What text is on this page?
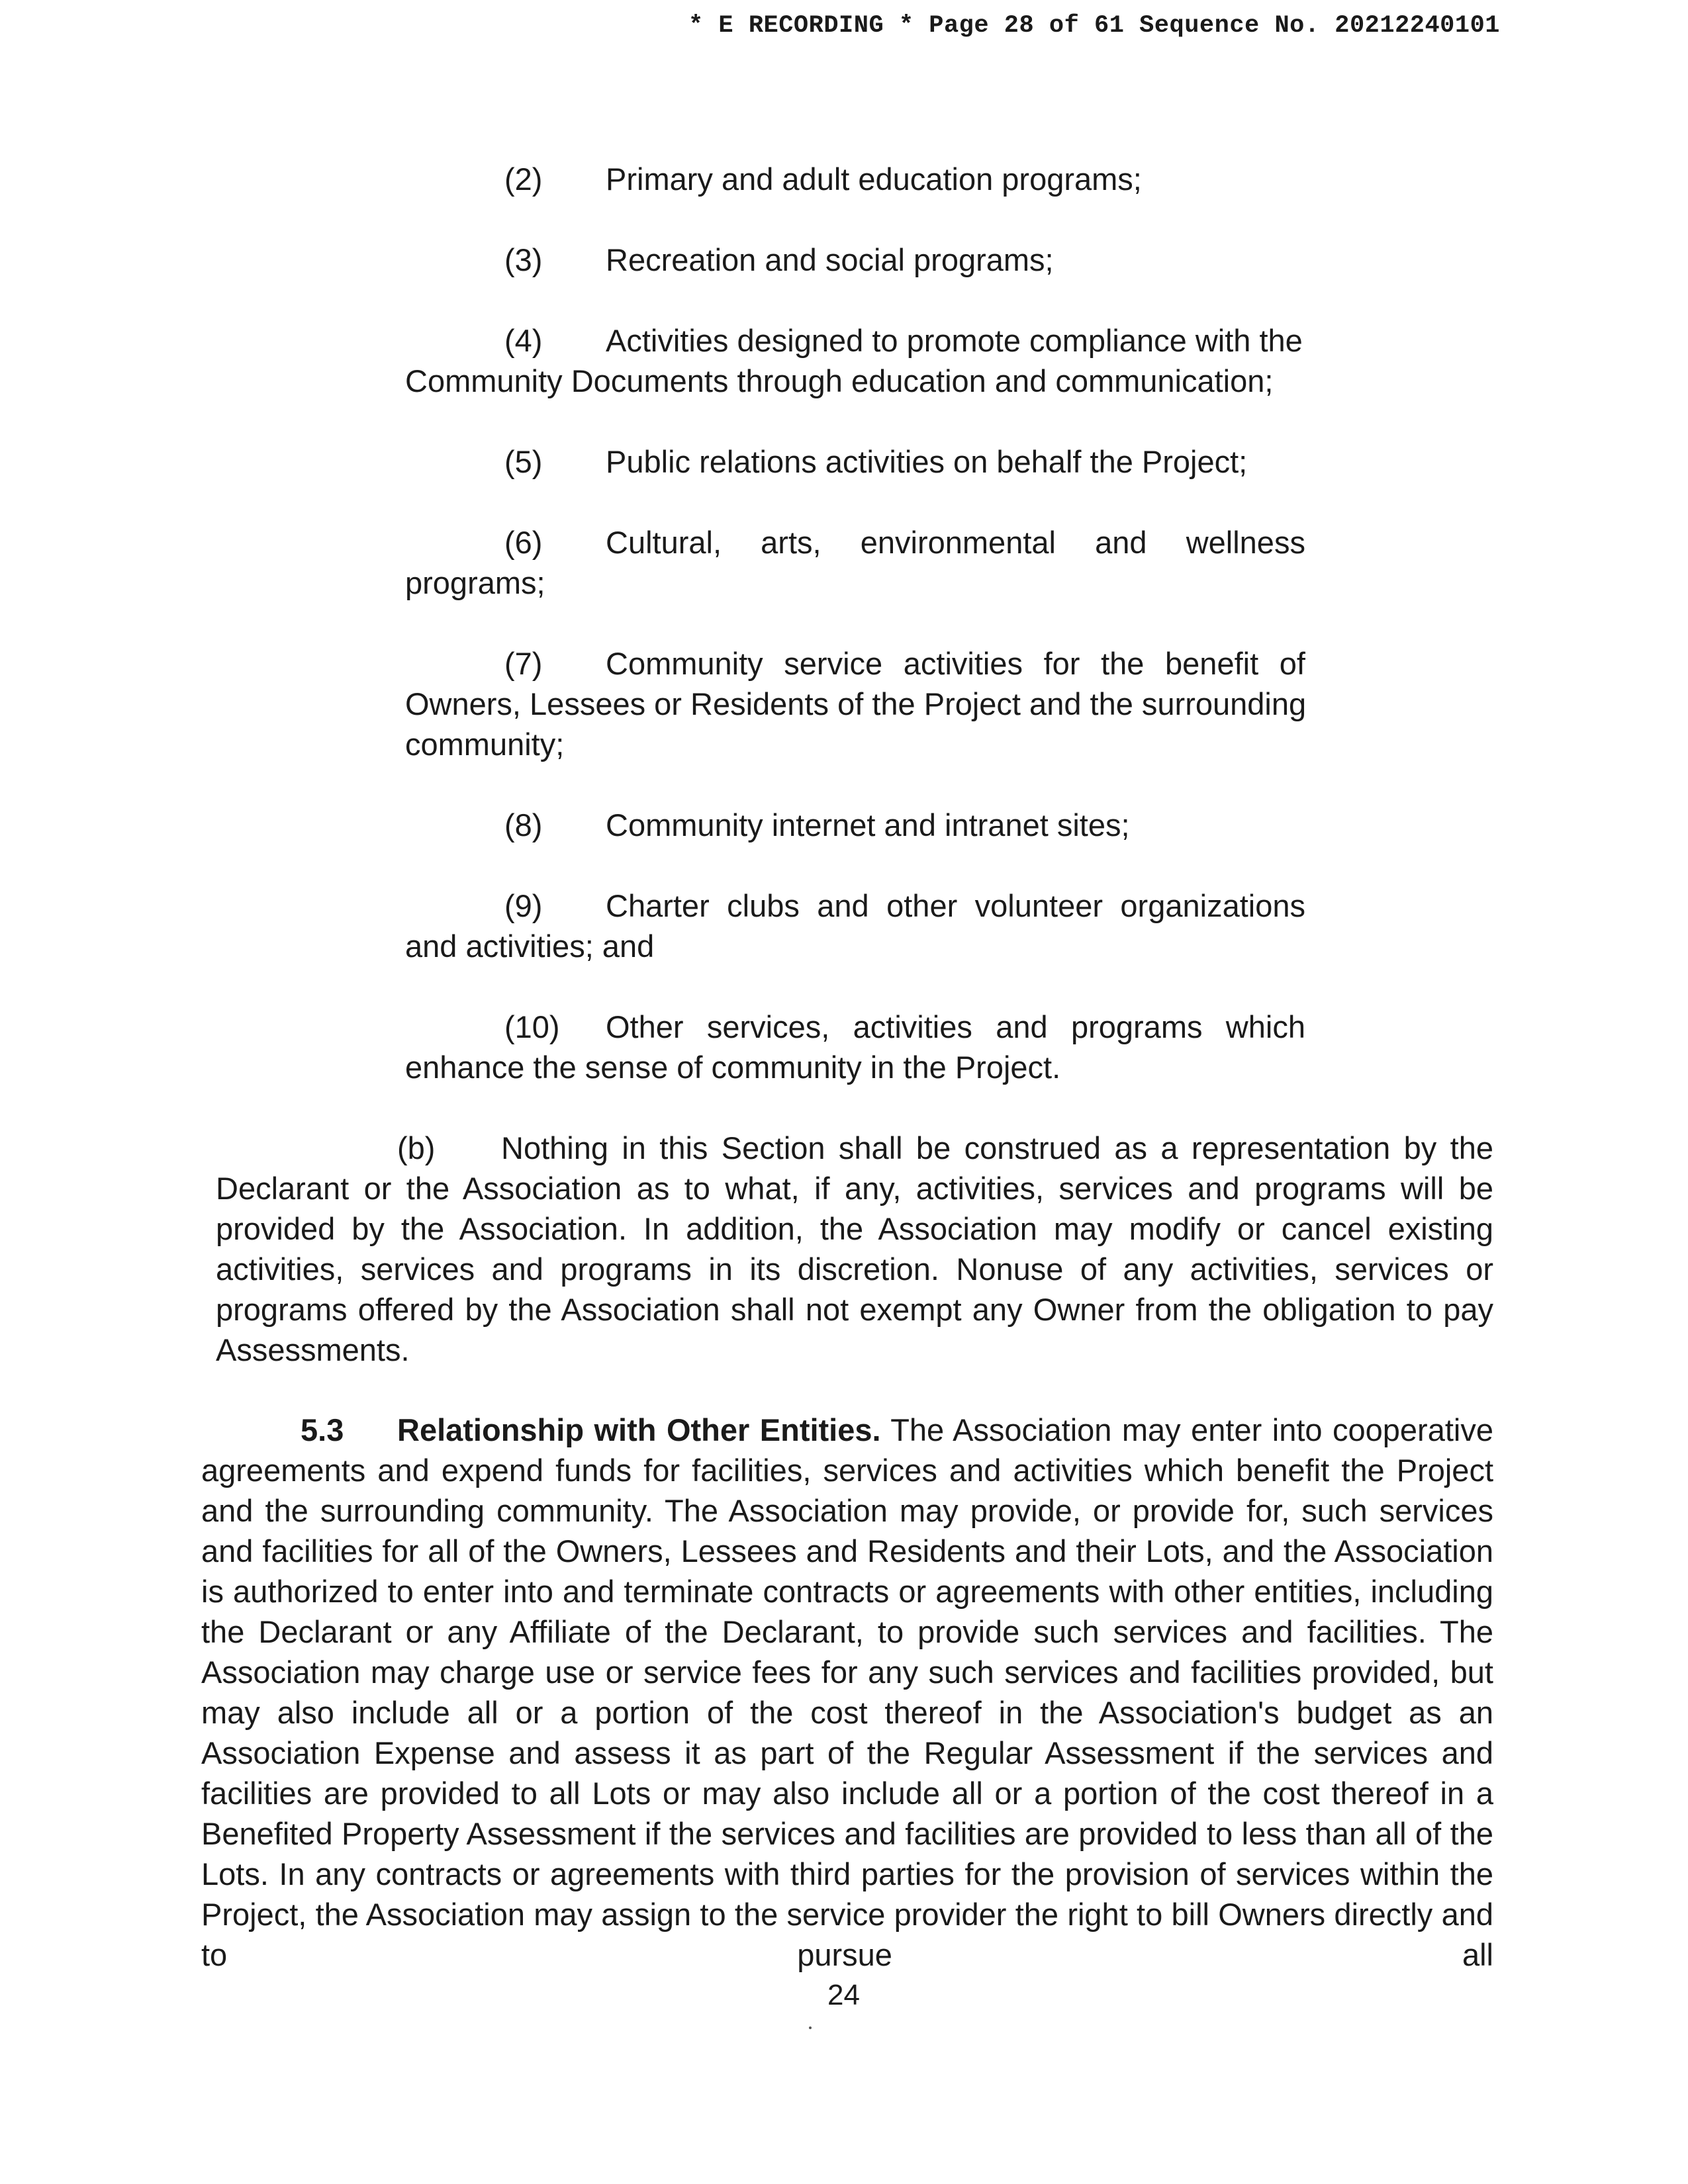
* E RECORDING * Page 28 of 61 Sequence No. 20212240101
(2)	Primary and adult education programs;
(3)	Recreation and social programs;
(4)	Activities designed to promote compliance with the
Community Documents through education and communication;
(5)	Public relations activities on behalf the Project;
(6) Cultural, arts, environmental and wellness
programs;
(7) Community service activities for the benefit of
Owners, Lessees or Residents of the Project and the surrounding
community;
(8)	Community internet and intranet sites;
(9) Charter clubs and other volunteer organizations
and activities; and
(10) Other services, activities and programs which
enhance the sense of community in the Project.
(b) Nothing in this Section shall be construed as a representation by the Declarant or the Association as to what, if any, activities, services and programs will be provided by the Association. In addition, the Association may modify or cancel existing activities, services and programs in its discretion. Nonuse of any activities, services or programs offered by the Association shall not exempt any Owner from the obligation to pay Assessments.
5.3 Relationship with Other Entities. The Association may enter into cooperative agreements and expend funds for facilities, services and activities which benefit the Project and the surrounding community. The Association may provide, or provide for, such services and facilities for all of the Owners, Lessees and Residents and their Lots, and the Association is authorized to enter into and terminate contracts or agreements with other entities, including the Declarant or any Affiliate of the Declarant, to provide such services and facilities. The Association may charge use or service fees for any such services and facilities provided, but may also include all or a portion of the cost thereof in the Association's budget as an Association Expense and assess it as part of the Regular Assessment if the services and facilities are provided to all Lots or may also include all or a portion of the cost thereof in a Benefited Property Assessment if the services and facilities are provided to less than all of the Lots. In any contracts or agreements with third parties for the provision of services within the Project, the Association may assign to the service provider the right to bill Owners directly and to pursue all
24
